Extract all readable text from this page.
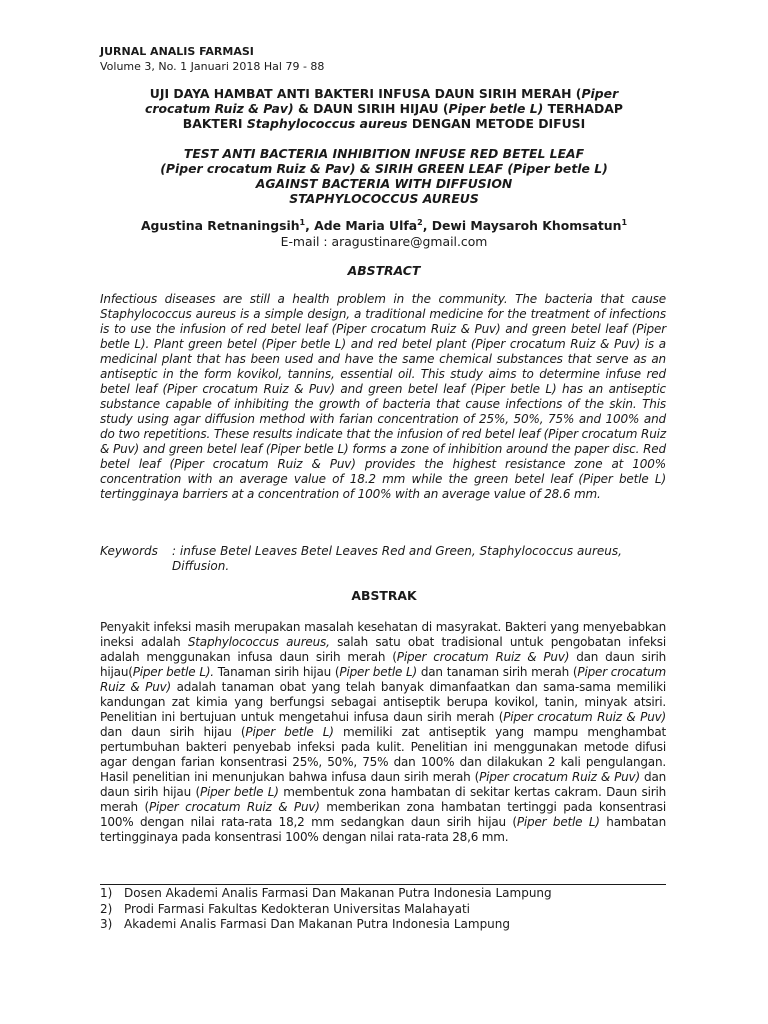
JURNAL ANALIS FARMASI
Volume 3, No. 1 Januari 2018 Hal 79 - 88
UJI DAYA HAMBAT ANTI BAKTERI INFUSA DAUN SIRIH MERAH (Piper
crocatum Ruiz & Pav) & DAUN SIRIH HIJAU (Piper betle L) TERHADAP
BAKTERI Staphylococcus aureus DENGAN METODE DIFUSI
TEST ANTI BACTERIA INHIBITION INFUSE RED BETEL LEAF
(Piper crocatum Ruiz & Pav) & SIRIH GREEN LEAF (Piper betle L)
AGAINST BACTERIA WITH DIFFUSION
STAPHYLOCOCCUS AUREUS
Agustina Retnaningsih$^1$, Ade Maria Ulfa$^2$, Dewi Maysaroh Khomsatun$^1$
E-mail : aragustinare@gmail.com
ABSTRACT
Infectious diseases are still a health problem in the community. The bacteria that cause Staphylococcus aureus is a simple design, a traditional medicine for the treatment of infections is to use the infusion of red betel leaf (Piper crocatum Ruiz & Puv) and green betel leaf (Piper betle L). Plant green betel (Piper betle L) and red betel plant (Piper crocatum Ruiz & Puv) is a medicinal plant that has been used and have the same chemical substances that serve as an antiseptic in the form kovikol, tannins, essential oil. This study aims to determine infuse red betel leaf (Piper crocatum Ruiz & Puv) and green betel leaf (Piper betle L) has an antiseptic substance capable of inhibiting the growth of bacteria that cause infections of the skin. This study using agar diffusion method with farian concentration of 25%, 50%, 75% and 100% and do two repetitions. These results indicate that the infusion of red betel leaf (Piper crocatum Ruiz & Puv) and green betel leaf (Piper betle L) forms a zone of inhibition around the paper disc. Red betel leaf (Piper crocatum Ruiz & Puv) provides the highest resistance zone at 100% concentration with an average value of 18.2 mm while the green betel leaf (Piper betle L) tertingginaya barriers at a concentration of 100% with an average value of 28.6 mm.
Keywords : infuse Betel Leaves Betel Leaves Red and Green, Staphylococcus aureus, Diffusion.
ABSTRAK
Penyakit infeksi masih merupakan masalah kesehatan di masyrakat. Bakteri yang menyebabkan ineksi adalah Staphylococcus aureus, salah satu obat tradisional untuk pengobatan infeksi adalah menggunakan infusa daun sirih merah (Piper crocatum Ruiz & Puv) dan daun sirih hijau(Piper betle L). Tanaman sirih hijau (Piper betle L) dan tanaman sirih merah (Piper crocatum Ruiz & Puv) adalah tanaman obat yang telah banyak dimanfaatkan dan sama-sama memiliki kandungan zat kimia yang berfungsi sebagai antiseptik berupa kovikol, tanin, minyak atsiri. Penelitian ini bertujuan untuk mengetahui infusa daun sirih merah (Piper crocatum Ruiz & Puv) dan daun sirih hijau (Piper betle L) memiliki zat antiseptik yang mampu menghambat pertumbuhan bakteri penyebab infeksi pada kulit. Penelitian ini menggunakan metode difusi agar dengan farian konsentrasi 25%, 50%, 75% dan 100% dan dilakukan 2 kali pengulangan. Hasil penelitian ini menunjukan bahwa infusa daun sirih merah (Piper crocatum Ruiz & Puv) dan daun sirih hijau (Piper betle L) membentuk zona hambatan di sekitar kertas cakram. Daun sirih merah (Piper crocatum Ruiz & Puv) memberikan zona hambatan tertinggi pada konsentrasi 100% dengan nilai rata-rata 18,2 mm sedangkan daun sirih hijau (Piper betle L) hambatan tertinggi​naya pada konsentrasi 100% dengan nilai rata-rata 28,6 mm.
1) Dosen Akademi Analis Farmasi Dan Makanan Putra Indonesia Lampung
2) Prodi Farmasi Fakultas Kedokteran Universitas Malahayati
3) Akademi Analis Farmasi Dan Makanan Putra Indonesia Lampung
